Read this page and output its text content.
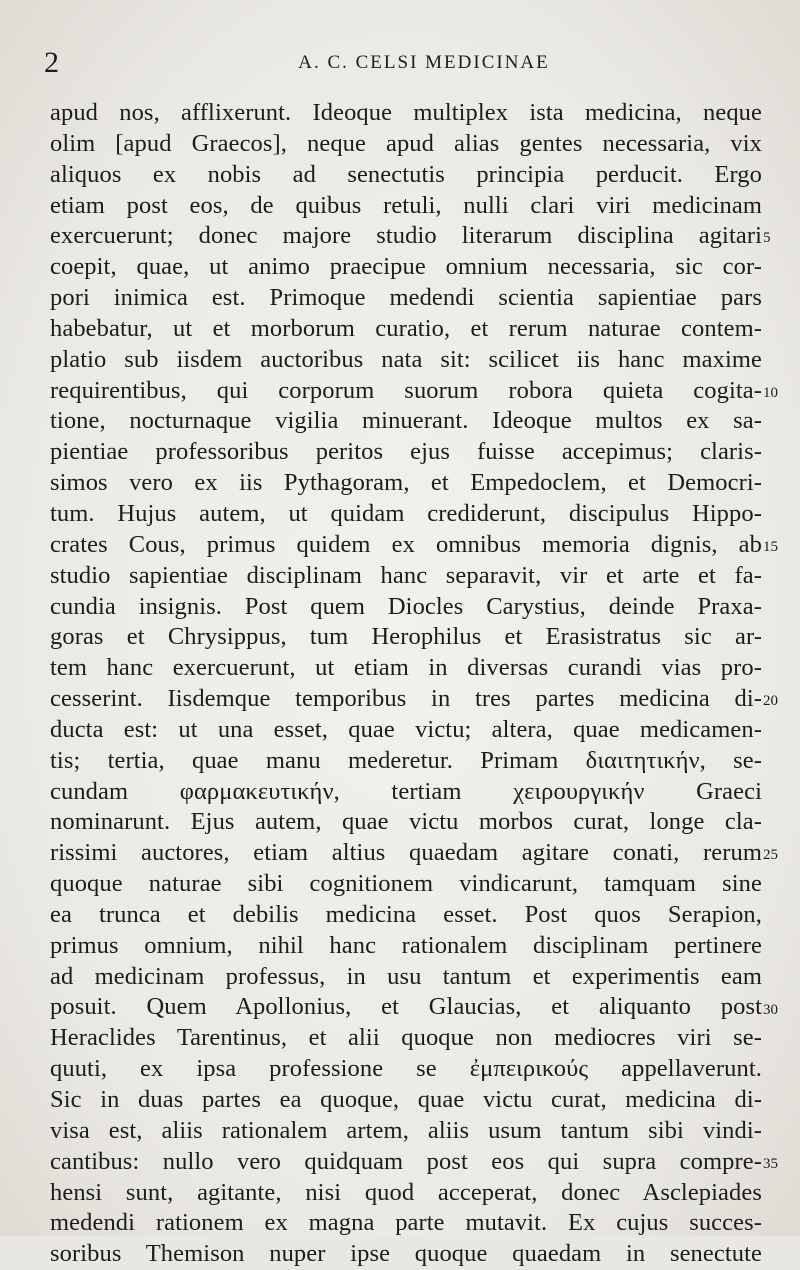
2	A. C. CELSI MEDICINAE
apud nos, afflixerunt. Ideoque multiplex ista medicina, neque
olim [apud Graecos], neque apud alias gentes necessaria, vix
aliquos ex nobis ad senectutis principia perducit. Ergo
etiam post eos, de quibus retuli, nulli clari viri medicinam
exercuerunt; donec majore studio literarum disciplina agitari
coepit, quae, ut animo praecipue omnium necessaria, sic cor-
pori inimica est. Primoque medendi scientia sapientiae pars
habebatur, ut et morborum curatio, et rerum naturae contem-
platio sub iisdem auctoribus nata sit: scilicet iis hanc maxime
requirentibus, qui corporum suorum robora quieta cogita-
tione, nocturnaque vigilia minuerant. Ideoque multos ex sa-
pientiae professoribus peritos ejus fuisse accepimus; claris-
simos vero ex iis Pythagoram, et Empedoclem, et Democri-
tum. Hujus autem, ut quidam crediderunt, discipulus Hippo-
crates Cous, primus quidem ex omnibus memoria dignis, ab
studio sapientiae disciplinam hanc separavit, vir et arte et fa-
cundia insignis. Post quem Diocles Carystius, deinde Praxa-
goras et Chrysippus, tum Herophilus et Erasistratus sic ar-
tem hanc exercuerunt, ut etiam in diversas curandi vias pro-
cesserint. Iisdemque temporibus in tres partes medicina di-
ducta est: ut una esset, quae victu; altera, quae medicamen-
tis; tertia, quae manu mederetur. Primam διαιτητικήν, se-
cundam φαρμακευτικήν, tertiam χειρουργικήν Graeci
nominarunt. Ejus autem, quae victu morbos curat, longe cla-
rissimi auctores, etiam altius quaedam agitare conati, rerum
quoque naturae sibi cognitionem vindicarunt, tamquam sine
ea trunca et debilis medicina esset. Post quos Serapion,
primus omnium, nihil hanc rationalem disciplinam pertinere
ad medicinam professus, in usu tantum et experimentis eam
posuit. Quem Apollonius, et Glaucias, et aliquanto post
Heraclides Tarentinus, et alii quoque non mediocres viri se-
quuti, ex ipsa professione se ἐμπειρικούς appellaverunt.
Sic in duas partes ea quoque, quae victu curat, medicina di-
visa est, aliis rationalem artem, aliis usum tantum sibi vindi-
cantibus: nullo vero quidquam post eos qui supra compre-
hensi sunt, agitante, nisi quod acceperat, donec Asclepiades
medendi rationem ex magna parte mutavit. Ex cujus succes-
soribus Themison nuper ipse quoque quaedam in senectute
5
10
15
20
25
30
35
